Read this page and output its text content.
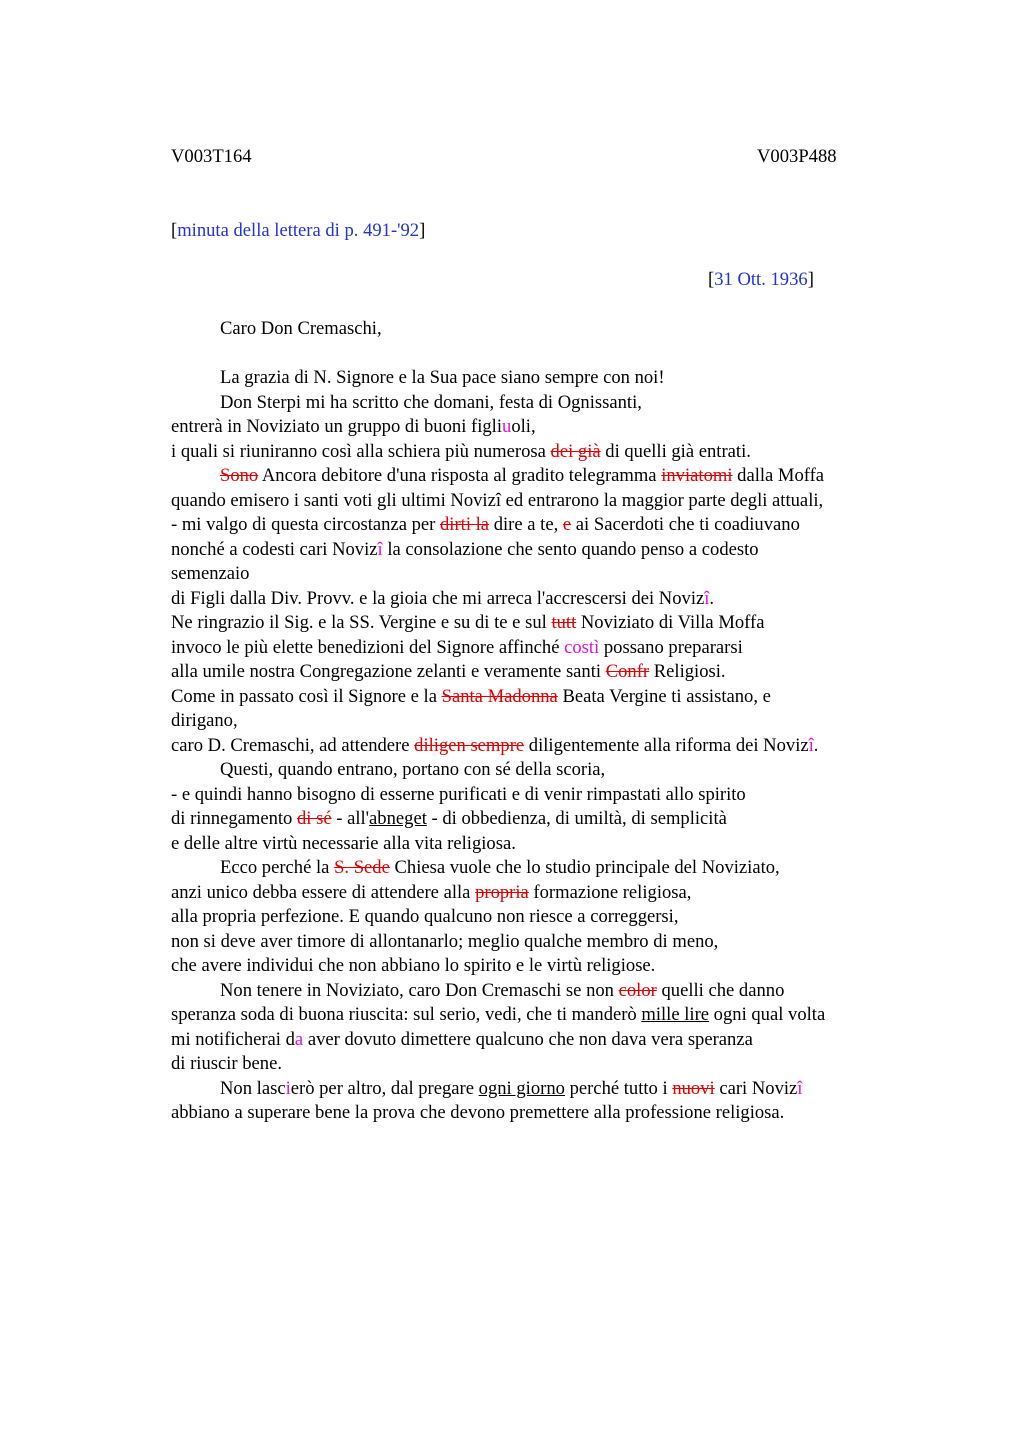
V003T164	V003P488
[minuta della lettera di p. 491-'92]
[31 Ott. 1936]
Caro Don Cremaschi,
La grazia di N. Signore e la Sua pace siano sempre con noi!
Don Sterpi mi ha scritto che domani, festa di Ognissanti,
entrerà in Noviziato un gruppo di buoni figliuoli,
i quali si riuniranno così alla schiera più numerosa dei già di quelli già entrati.
Sono Ancora debitore d'una risposta al gradito telegramma inviatomi dalla Moffa
quando emisero i santi voti gli ultimi Novizî ed entrarono la maggior parte degli attuali,
- mi valgo di questa circostanza per dirti la dire a te, e ai Sacerdoti che ti coadiuvano
nonché a codesti cari Novizî la consolazione che sento quando penso a codesto
semenzaio
di Figli dalla Div. Provv. e la gioia che mi arreca l'accrescersi dei Novizî.
Ne ringrazio il Sig. e la SS. Vergine e su di te e sul tutt Noviziato di Villa Moffa
invoco le più elette benedizioni del Signore affinché costì possano prepararsi
alla umile nostra Congregazione zelanti e veramente santi Confr Religiosi.
Come in passato così il Signore e la Santa Madonna Beata Vergine ti assistano, e
dirigano,
caro D. Cremaschi, ad attendere diligen sempre diligentemente alla riforma dei Novizî.
Questi, quando entrano, portano con sé della scoria,
- e quindi hanno bisogno di esserne purificati e di venir rimpastati allo spirito
di rinnegamento di sé - all'abneget - di obbedienza, di umiltà, di semplicità
e delle altre virtù necessarie alla vita religiosa.
Ecco perché la S. Sede Chiesa vuole che lo studio principale del Noviziato,
anzi unico debba essere di attendere alla propria formazione religiosa,
alla propria perfezione. E quando qualcuno non riesce a correggersi,
non si deve aver timore di allontanarlo; meglio qualche membro di meno,
che avere individui che non abbiano lo spirito e le virtù religiose.
Non tenere in Noviziato, caro Don Cremaschi se non color quelli che danno
speranza soda di buona riuscita: sul serio, vedi, che ti manderò mille lire ogni qual volta
mi notificherai da aver dovuto dimettere qualcuno che non dava vera speranza
di riuscir bene.
Non lascierò per altro, dal pregare ogni giorno perché tutto i nuovi cari Novizî
abbiano a superare bene la prova che devono premettere alla professione religiosa.
